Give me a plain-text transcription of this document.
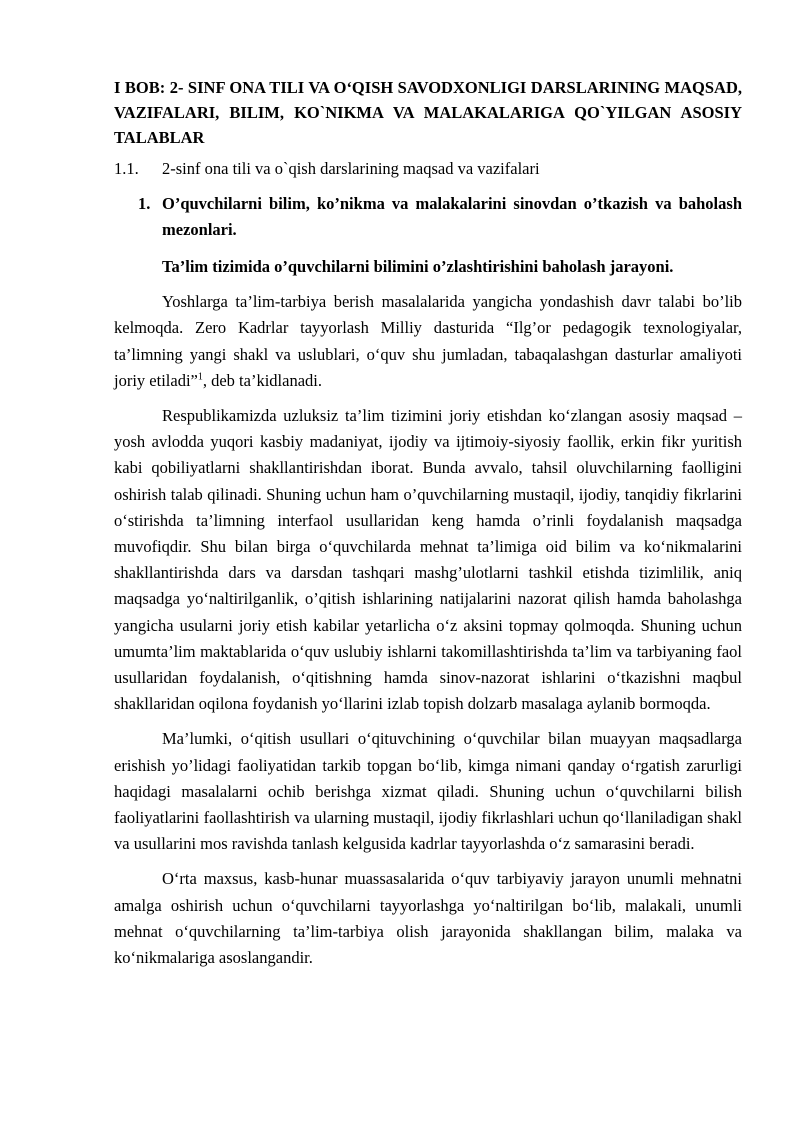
I BOB: 2- SINF ONA TILI VA O‘QISH SAVODXONLIGI DARSLARINING MAQSAD, VAZIFALARI, BILIM, KO`NIKMA VA MALAKALARIGA QO`YILGAN ASOSIY TALABLAR

1.1. 2-sinf ona tili va o`qish darslarining maqsad va vazifalari

1. O’quvchilarni bilim, ko’nikma va malakalarini sinovdan o’tkazish va baholash mezonlari.

Ta’lim tizimida o’quvchilarni bilimini o’zlashtirishini baholash jarayoni.

Yoshlarga ta’lim-tarbiya berish masalalarida yangicha yondashish davr talabi bo’lib kelmoqda. Zero Kadrlar tayyorlash Milliy dasturida “Ilg’or pedagogik texnologiyalar, ta’limning yangi shakl va uslublari, o‘quv shu jumladan, tabaqalashgan dasturlar amaliyoti joriy etiladi”$^1$, deb ta’kidlanadi.

Respublikamizda uzluksiz ta’lim tizimini joriy etishdan ko‘zlangan asosiy maqsad – yosh avlodda yuqori kasbiy madaniyat, ijodiy va ijtimoiy-siyosiy faollik, erkin fikr yuritish kabi qobiliyatlarni shakllantirishdan iborat. Bunda avvalo, tahsil oluvchilarning faolligini oshirish talab qilinadi. Shuning uchun ham o’quvchilarning mustaqil, ijodiy, tanqidiy fikrlarini o‘stirishda ta’limning interfaol usullaridan keng hamda o’rinli foydalanish maqsadga muvofiqdir. Shu bilan birga o‘quvchilarda mehnat ta’limiga oid bilim va ko‘nikmalarini shakllantirishda dars va darsdan tashqari mashg’ulotlarni tashkil etishda tizimlilik, aniq maqsadga yo‘naltirilganlik, o’qitish ishlarining natijalarini nazorat qilish hamda baholashga yangicha usularni joriy etish kabilar yetarlicha o‘z aksini topmay qolmoqda. Shuning uchun umumta’lim maktablarida o‘quv uslubiy ishlarni takomillashtirishda ta’lim va tarbiyaning faol usullaridan foydalanish, o‘qitishning hamda sinov-nazorat ishlarini o‘tkazishni maqbul shakllaridan oqilona foydanish yo‘llarini izlab topish dolzarb masalaga aylanib bormoqda.

Ma’lumki, o‘qitish usullari o‘qituvchining o‘quvchilar bilan muayyan maqsadlarga erishish yo’lidagi faoliyatidan tarkib topgan bo‘lib, kimga nimani qanday o‘rgatish zarurligi haqidagi masalalarni ochib berishga xizmat qiladi. Shuning uchun o‘quvchilarni bilish faoliyatlarini faollashtirish va ularning mustaqil, ijodiy fikrlashlari uchun qo‘llaniladigan shakl va usullarini mos ravishda tanlash kelgusida kadrlar tayyorlashda o‘z samarasini beradi.

O‘rta maxsus, kasb-hunar muassasalarida o‘quv tarbiyaviy jarayon unumli mehnatni amalga oshirish uchun o‘quvchilarni tayyorlashga yo‘naltirilgan bo‘lib, malakali, unumli mehnat o‘quvchilarning ta’lim-tarbiya olish jarayonida shakllangan bilim, malaka va ko‘nikmalariga asoslangandir.
